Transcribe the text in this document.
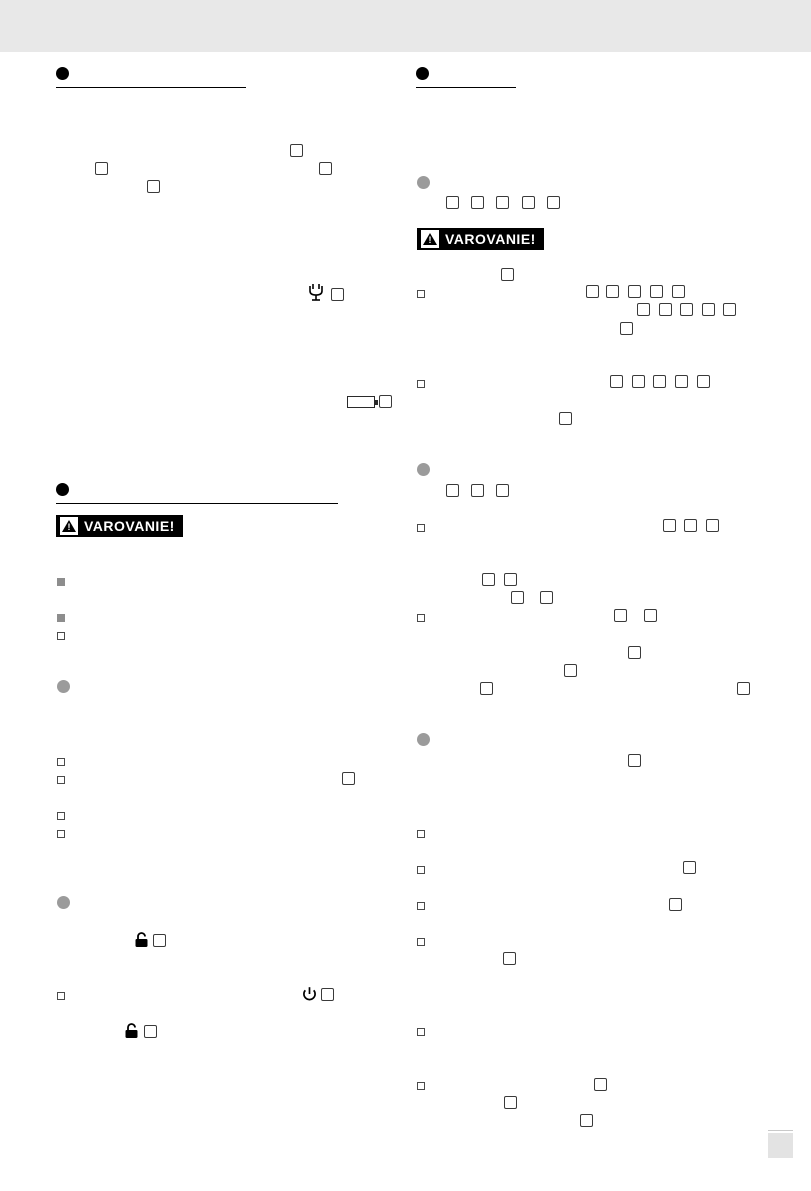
!
VAROVANIE!
!
VAROVANIE!
